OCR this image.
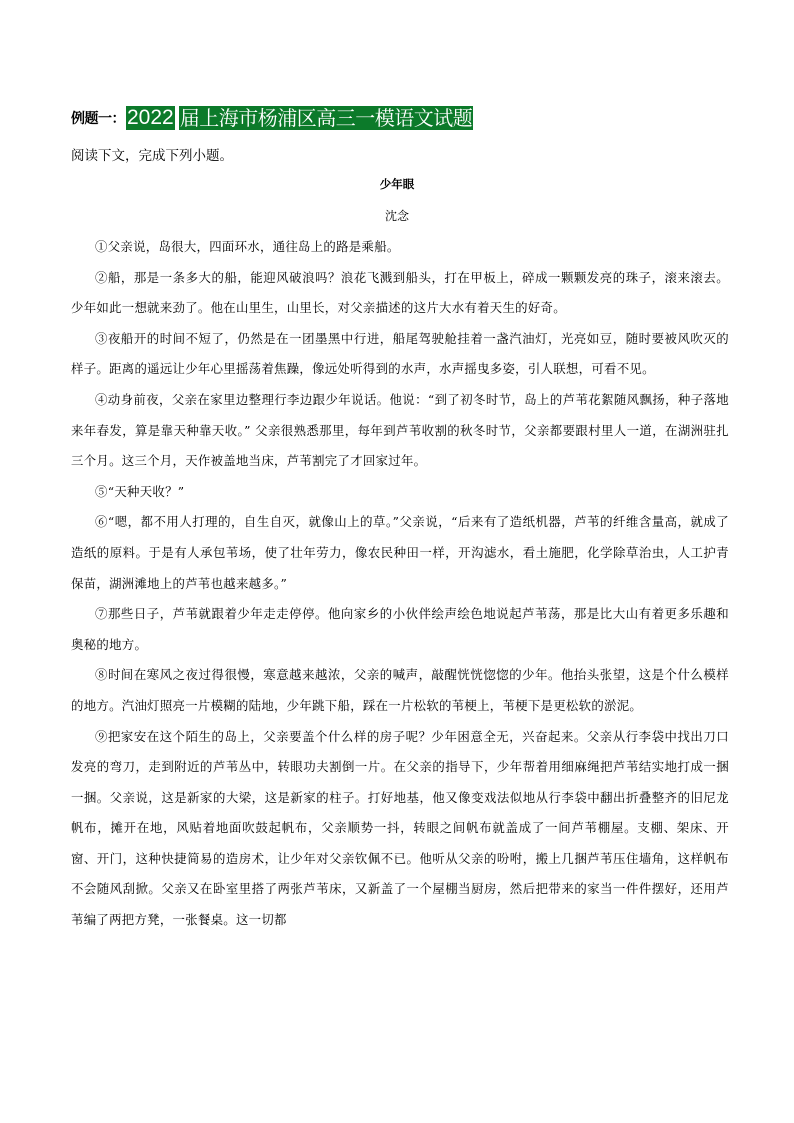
例题一： 2022 届上海市杨浦区高三一模语文试题
阅读下文，完成下列小题。
少年眼
沈念

①父亲说，岛很大，四面环水，通往岛上的路是乘船。

②船，那是一条多大的船，能迎风破浪吗？浪花飞溅到船头，打在甲板上，碎成一颗颗发亮的珠子，滚来滚去。少年如此一想就来劲了。他在山里生，山里长，对父亲描述的这片大水有着天生的好奇。

③夜船开的时间不短了，仍然是在一团墨黑中行进，船尾驾驶舱挂着一盏汽油灯，光亮如豆，随时要被风吹灭的样子。距离的遥远让少年心里摇荡着焦躁，像远处听得到的水声，水声摇曳多姿，引人联想，可看不见。

④动身前夜，父亲在家里边整理行李边跟少年说话。他说：“到了初冬时节，岛上的芦苇花絮随风飘扬，种子落地来年春发，算是靠天种靠天收。” 父亲很熟悉那里，每年到芦苇收割的秋冬时节，父亲都要跟村里人一道，在湖洲驻扎三个月。这三个月，天作被盖地当床，芦苇割完了才回家过年。

⑤“天种天收？”

⑥“嗯，都不用人打理的，自生自灭，就像山上的草。”父亲说，“后来有了造纸机器，芦苇的纤维含量高，就成了造纸的原料。于是有人承包苇场，使了壮年劳力，像农民种田一样，开沟滤水，看土施肥，化学除草治虫，人工护青保苗，湖洲滩地上的芦苇也越来越多。”

⑦那些日子，芦苇就跟着少年走走停停。他向家乡的小伙伴绘声绘色地说起芦苇荡，那是比大山有着更多乐趣和奥秘的地方。

⑧时间在寒风之夜过得很慢，寒意越来越浓，父亲的喊声，敲醒恍恍惚惚的少年。他抬头张望，这是个什么模样的地方。汽油灯照亮一片模糊的陆地，少年跳下船，踩在一片松软的苇梗上，苇梗下是更松软的淤泥。

⑨把家安在这个陌生的岛上，父亲要盖个什么样的房子呢？少年困意全无，兴奋起来。父亲从行李袋中找出刀口发亮的弯刀，走到附近的芦苇丛中，转眼功夫割倒一片。在父亲的指导下，少年帮着用细麻绳把芦苇结实地打成一捆一捆。父亲说，这是新家的大梁，这是新家的柱子。打好地基，他又像变戏法似地从行李袋中翻出折叠整齐的旧尼龙帆布，摊开在地，风贴着地面吹鼓起帆布，父亲顺势一抖，转眼之间帆布就盖成了一间芦苇棚屋。支棚、架床、开窗、开门，这种快捷简易的造房术，让少年对父亲钦佩不已。他听从父亲的吩咐，搬上几捆芦苇压住墙角，这样帆布不会随风刮掀。父亲又在卧室里搭了两张芦苇床，又新盖了一个屋棚当厨房，然后把带来的家当一件件摆好，还用芦苇编了两把方凳，一张餐桌。这一切都
